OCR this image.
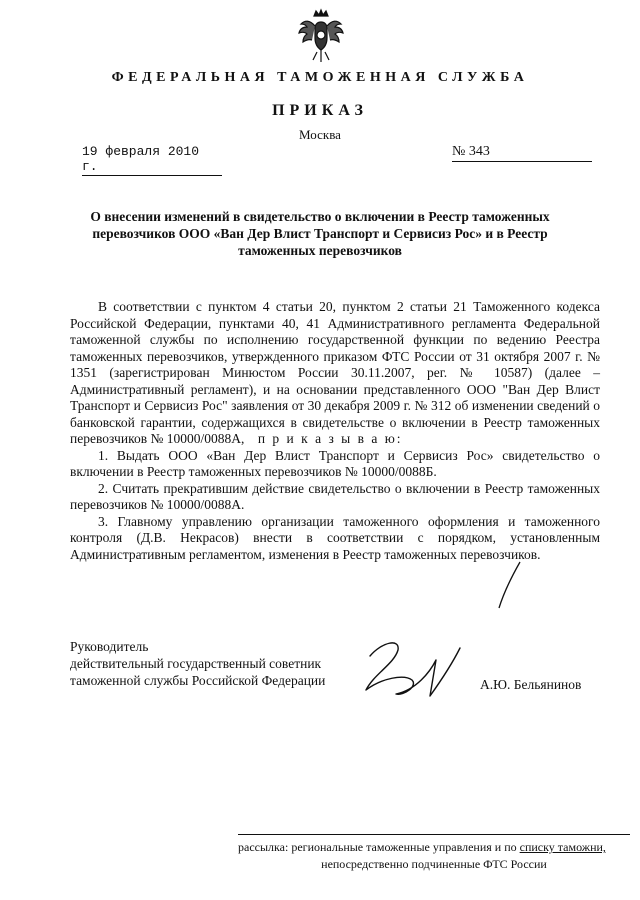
ФЕДЕРАЛЬНАЯ ТАМОЖЕННАЯ СЛУЖБА
ПРИКАЗ
Москва
19 февраля 2010 г.
№ 343
О внесении изменений в свидетельство о включении в Реестр таможенных
перевозчиков ООО «Ван Дер Влист Транспорт и Сервисиз Рос» и в Реестр
таможенных перевозчиков

В соответствии с пунктом 4 статьи 20, пунктом 2 статьи 21 Таможенного кодекса Российской Федерации, пунктами 40, 41 Административного регламента Федеральной таможенной службы по исполнению государственной функции по ведению Реестра таможенных перевозчиков, утвержденного приказом ФТС России от 31 октября 2007 г. № 1351 (зарегистрирован Минюстом России 30.11.2007, рег. № 10587) (далее – Административный регламент), и на основании представленного ООО "Ван Дер Влист Транспорт и Сервисиз Рос" заявления от 30 декабря 2009 г. № 312 об изменении сведений о банковской гарантии, содержащихся в свидетельстве о включении в Реестр таможенных перевозчиков № 10000/0088А, п р и к а з ы в а ю:

1. Выдать ООО «Ван Дер Влист Транспорт и Сервисиз Рос» свидетельство о включении в Реестр таможенных перевозчиков № 10000/0088Б.

2. Считать прекратившим действие свидетельство о включении в Реестр таможенных перевозчиков № 10000/0088А.

3. Главному управлению организации таможенного оформления и таможенного контроля (Д.В. Некрасов) внести в соответствии с порядком, установленным Административным регламентом, изменения в Реестр таможенных перевозчиков.

Руководитель
действительный государственный советник
таможенной службы Российской Федерации	А.Ю. Бельянинов
рассылка: региональные таможенные управления и по списку таможни,
непосредственно подчиненные ФТС России
